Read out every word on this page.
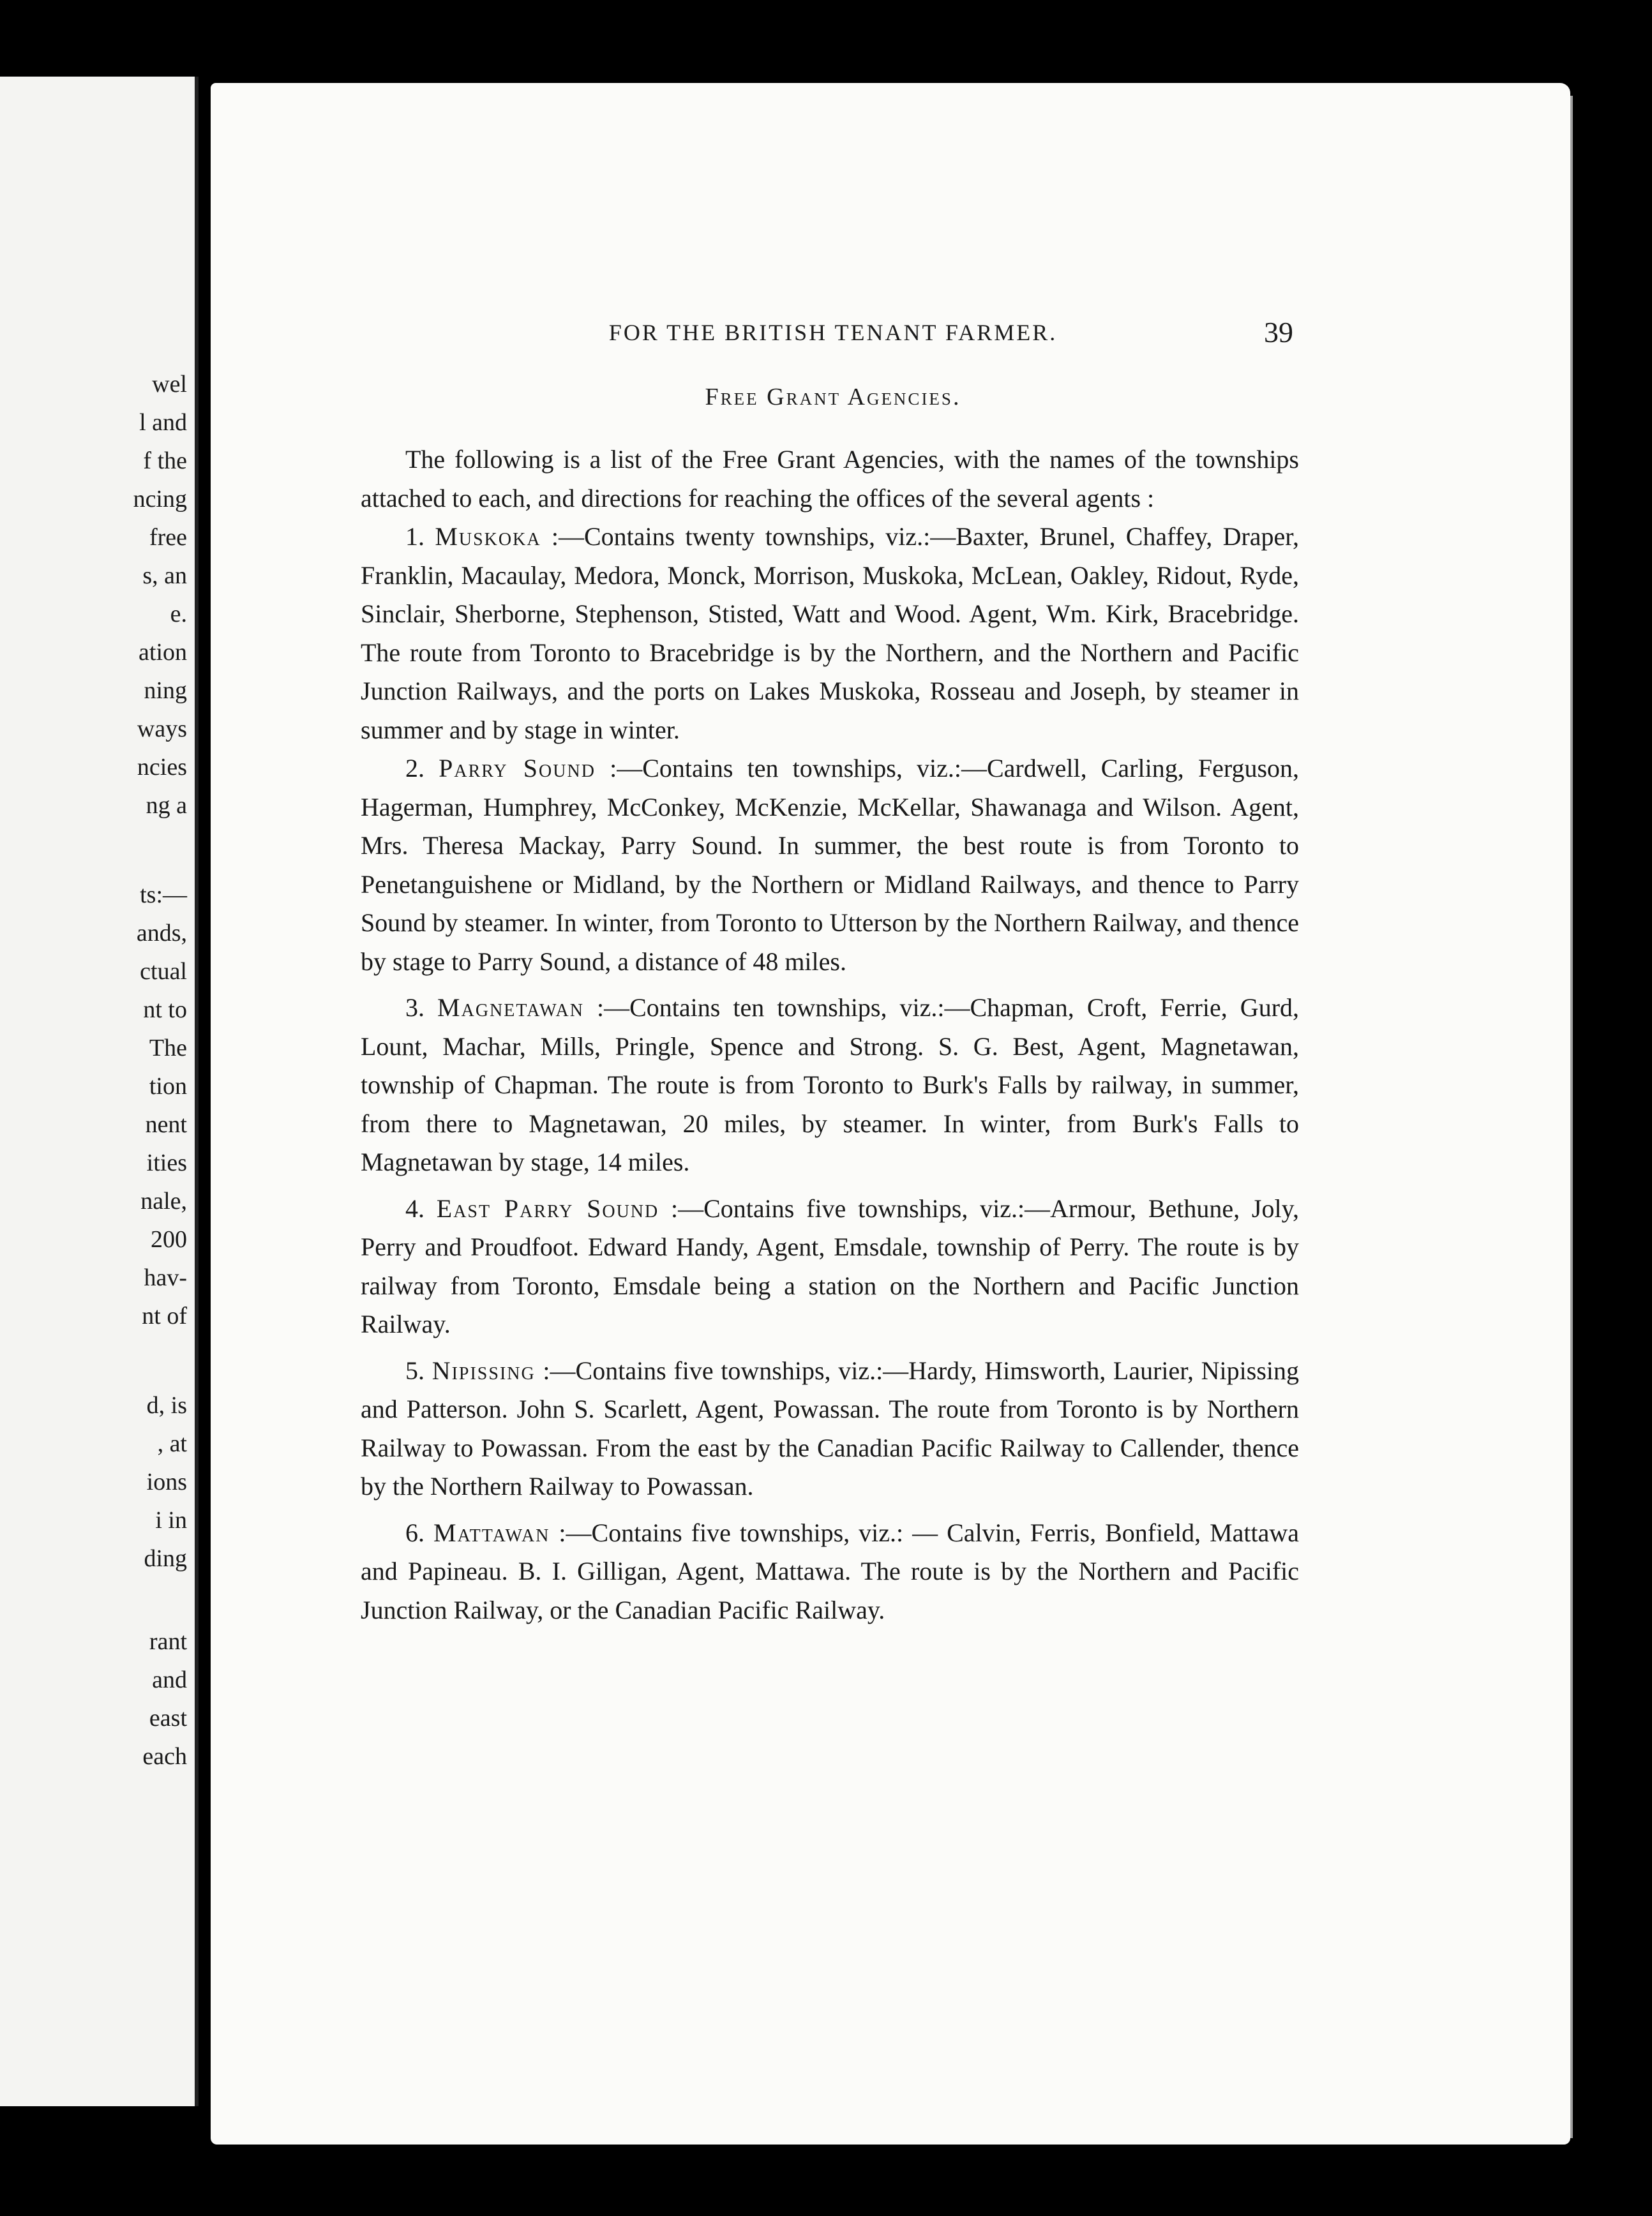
wel
l and
f the
ncing
free
s, an
e.
ation
ning
ways
ncies
ng a
ts:—
ands,
ctual
nt to
The
tion
nent
ities
nale,
200
hav-
nt of
d, is
, at
ions
i in
ding
rant
and
east
each
FOR THE BRITISH TENANT FARMER.	39
Free Grant Agencies.

The following is a list of the Free Grant Agencies, with the names of the townships attached to each, and directions for reaching the offices of the several agents :

1. Muskoka :—Contains twenty townships, viz.:—Baxter, Brunel, Chaffey, Draper, Franklin, Macaulay, Medora, Monck, Morrison, Muskoka, McLean, Oakley, Ridout, Ryde, Sinclair, Sherborne, Stephenson, Stisted, Watt and Wood. Agent, Wm. Kirk, Bracebridge. The route from Toronto to Bracebridge is by the Northern, and the Northern and Pacific Junction Railways, and the ports on Lakes Muskoka, Rosseau and Joseph, by steamer in summer and by stage in winter.

2. Parry Sound :—Contains ten townships, viz.:—Cardwell, Carling, Ferguson, Hagerman, Humphrey, McConkey, McKenzie, McKellar, Shawanaga and Wilson. Agent, Mrs. Theresa Mackay, Parry Sound. In summer, the best route is from Toronto to Penetanguishene or Midland, by the Northern or Midland Railways, and thence to Parry Sound by steamer. In winter, from Toronto to Utterson by the Northern Railway, and thence by stage to Parry Sound, a distance of 48 miles.

3. Magnetawan :—Contains ten townships, viz.:—Chapman, Croft, Ferrie, Gurd, Lount, Machar, Mills, Pringle, Spence and Strong. S. G. Best, Agent, Magnetawan, township of Chapman. The route is from Toronto to Burk's Falls by railway, in summer, from there to Magnetawan, 20 miles, by steamer. In winter, from Burk's Falls to Magnetawan by stage, 14 miles.

4. East Parry Sound :—Contains five townships, viz.:—Armour, Bethune, Joly, Perry and Proudfoot. Edward Handy, Agent, Emsdale, township of Perry. The route is by railway from Toronto, Emsdale being a station on the Northern and Pacific Junction Railway.

5. Nipissing :—Contains five townships, viz.:—Hardy, Himsworth, Laurier, Nipissing and Patterson. John S. Scarlett, Agent, Powassan. The route from Toronto is by Northern Railway to Powassan. From the east by the Canadian Pacific Railway to Callender, thence by the Northern Railway to Powassan.

6. Mattawan :—Contains five townships, viz.: — Calvin, Ferris, Bonfield, Mattawa and Papineau. B. I. Gilligan, Agent, Mattawa. The route is by the Northern and Pacific Junction Railway, or the Canadian Pacific Railway.
